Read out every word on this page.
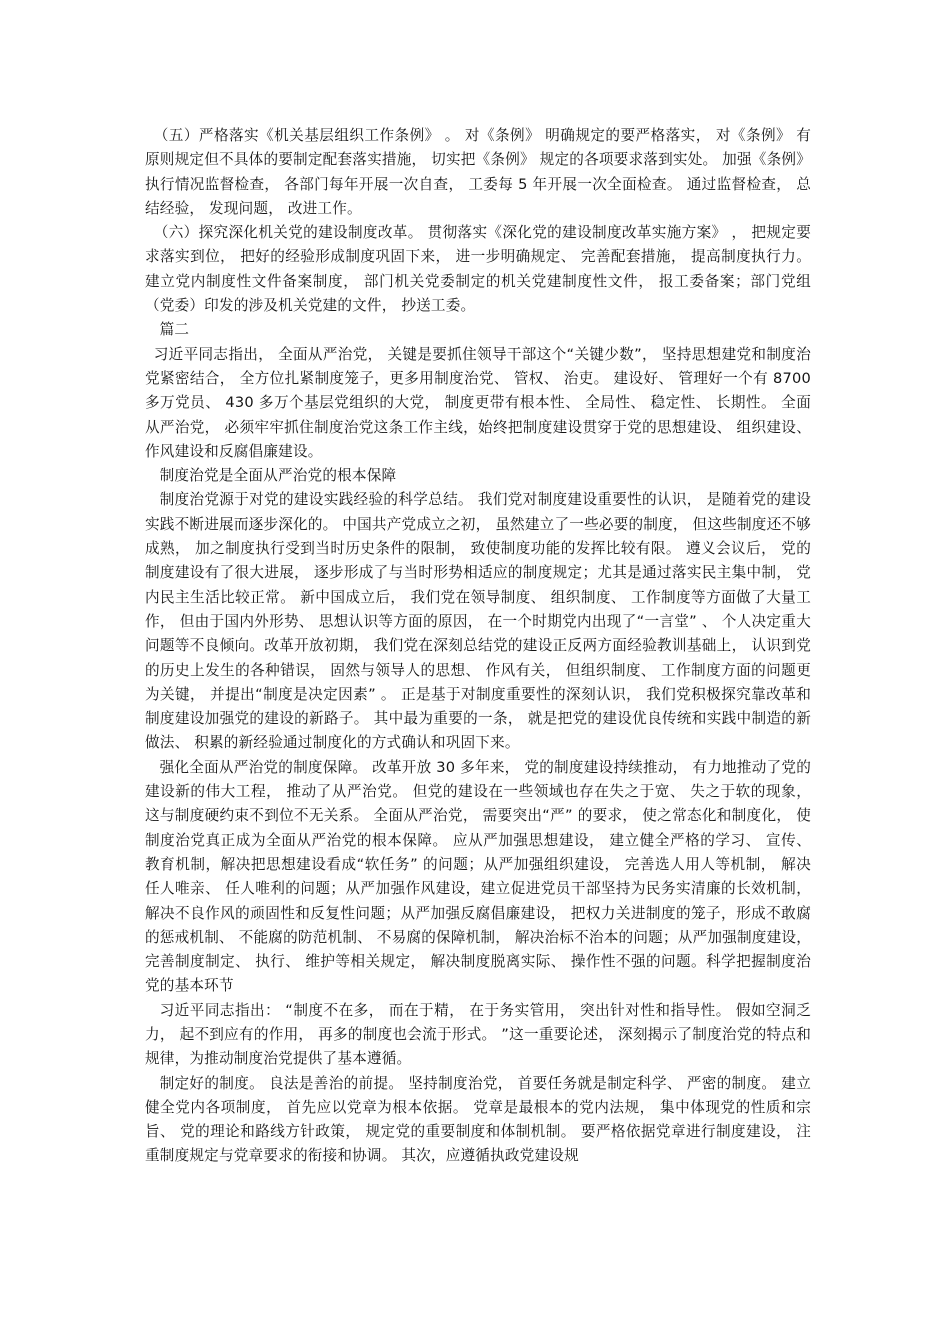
（五）严格落实《机关基层组织工作条例》 。 对《条例》 明确规定的要严格落实， 对《条例》 有原则规定但不具体的要制定配套落实措施， 切实把《条例》 规定的各项要求落到实处。 加强《条例》 执行情况监督检查， 各部门每年开展一次自查， 工委每 5 年开展一次全面检查。 通过监督检查， 总结经验， 发现问题， 改进工作。

（六）探究深化机关党的建设制度改革。 贯彻落实《深化党的建设制度改革实施方案》 ， 把规定要求落实到位， 把好的经验形成制度巩固下来， 进一步明确规定、 完善配套措施， 提高制度执行力。 建立党内制度性文件备案制度， 部门机关党委制定的机关党建制度性文件， 报工委备案；部门党组（党委）印发的涉及机关党建的文件， 抄送工委。

篇二

习近平同志指出， 全面从严治党， 关键是要抓住领导干部这个“关键少数”， 坚持思想建党和制度治党紧密结合， 全方位扎紧制度笼子，更多用制度治党、 管权、 治吏。 建设好、 管理好一个有 8700 多万党员、 430 多万个基层党组织的大党， 制度更带有根本性、 全局性、 稳定性、 长期性。 全面从严治党， 必须牢牢抓住制度治党这条工作主线，始终把制度建设贯穿于党的思想建设、 组织建设、 作风建设和反腐倡廉建设。

制度治党是全面从严治党的根本保障

制度治党源于对党的建设实践经验的科学总结。 我们党对制度建设重要性的认识， 是随着党的建设实践不断进展而逐步深化的。 中国共产党成立之初， 虽然建立了一些必要的制度， 但这些制度还不够成熟， 加之制度执行受到当时历史条件的限制， 致使制度功能的发挥比较有限。 遵义会议后， 党的制度建设有了很大进展， 逐步形成了与当时形势相适应的制度规定；尤其是通过落实民主集中制， 党内民主生活比较正常。 新中国成立后， 我们党在领导制度、 组织制度、 工作制度等方面做了大量工作， 但由于国内外形势、 思想认识等方面的原因， 在一个时期党内出现了“一言堂” 、 个人决定重大问题等不良倾向。改革开放初期， 我们党在深刻总结党的建设正反两方面经验教训基础上， 认识到党的历史上发生的各种错误， 固然与领导人的思想、 作风有关， 但组织制度、 工作制度方面的问题更为关键， 并提出“制度是决定因素” 。 正是基于对制度重要性的深刻认识， 我们党积极探究靠改革和制度建设加强党的建设的新路子。 其中最为重要的一条， 就是把党的建设优良传统和实践中制造的新做法、 积累的新经验通过制度化的方式确认和巩固下来。

强化全面从严治党的制度保障。 改革开放 30 多年来， 党的制度建设持续推动， 有力地推动了党的建设新的伟大工程， 推动了从严治党。 但党的建设在一些领域也存在失之于宽、 失之于软的现象， 这与制度硬约束不到位不无关系。 全面从严治党， 需要突出“严” 的要求， 使之常态化和制度化， 使制度治党真正成为全面从严治党的根本保障。 应从严加强思想建设， 建立健全严格的学习、 宣传、 教育机制，解决把思想建设看成“软任务” 的问题；从严加强组织建设， 完善选人用人等机制， 解决任人唯亲、 任人唯利的问题；从严加强作风建设，建立促进党员干部坚持为民务实清廉的长效机制， 解决不良作风的顽固性和反复性问题；从严加强反腐倡廉建设， 把权力关进制度的笼子，形成不敢腐的惩戒机制、 不能腐的防范机制、 不易腐的保障机制， 解决治标不治本的问题；从严加强制度建设， 完善制度制定、 执行、 维护等相关规定， 解决制度脱离实际、 操作性不强的问题。科学把握制度治党的基本环节

习近平同志指出： “制度不在多， 而在于精， 在于务实管用， 突出针对性和指导性。 假如空洞乏力， 起不到应有的作用， 再多的制度也会流于形式。 ”这一重要论述， 深刻揭示了制度治党的特点和规律，为推动制度治党提供了基本遵循。

制定好的制度。 良法是善治的前提。 坚持制度治党， 首要任务就是制定科学、 严密的制度。 建立健全党内各项制度， 首先应以党章为根本依据。 党章是最根本的党内法规， 集中体现党的性质和宗旨、 党的理论和路线方针政策， 规定党的重要制度和体制机制。 要严格依据党章进行制度建设， 注重制度规定与党章要求的衔接和协调。 其次，应遵循执政党建设规
